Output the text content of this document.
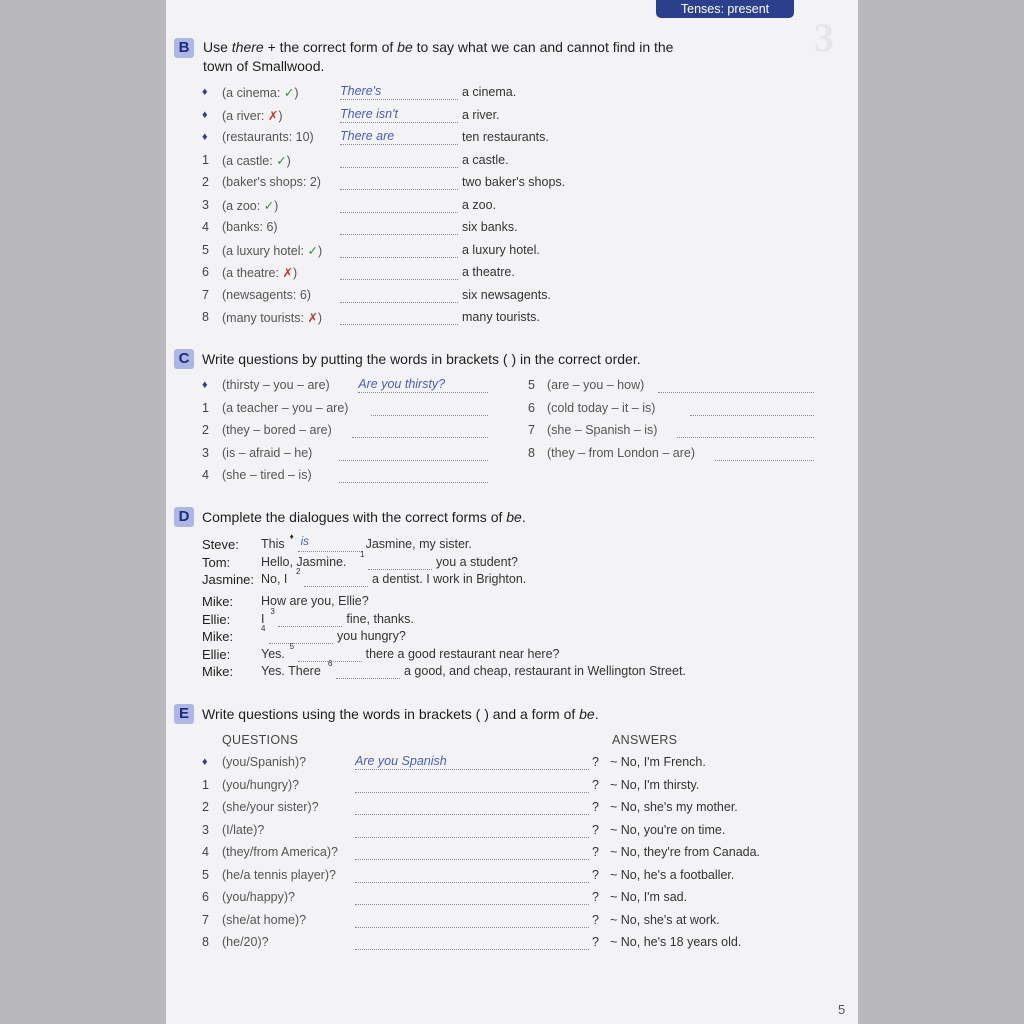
Tenses: present
3
B Use there + the correct form of be to say what we can and cannot find in the town of Smallwood.
♦ (a cinema: ✓)	There's	a cinema.
♦ (a river: ✗)	There isn't	a river.
♦ (restaurants: 10) There are	ten restaurants.
1 (a castle: ✓)	a castle.
2 (baker's shops: 2)	two baker's shops.
3 (a zoo: ✓)	a zoo.
4 (banks: 6)	six banks.
5 (a luxury hotel: ✓)	a luxury hotel.
6 (a theatre: ✗)	a theatre.
7 (newsagents: 6)	six newsagents.
8 (many tourists: ✗)	many tourists.
C Write questions by putting the words in brackets ( ) in the correct order.
♦ (thirsty – you – are) Are you thirsty?
1 (a teacher – you – are)
2 (they – bored – are)
3 (is – afraid – he)
4 (she – tired – is)
5 (are – you – how)
6 (cold today – it – is)
7 (she – Spanish – is)
8 (they – from London – are)
D Complete the dialogues with the correct forms of be.
Steve: This
♦ is	Jasmine, my sister.
Tom: Hello, Jasmine.
1
you a student?
Jasmine: No, I
2
a dentist. I work in Brighton.
Mike: How are you, Ellie?
Ellie: I
3
fine, thanks.
Mike:
4
you hungry?
Ellie: Yes.
5
there a good restaurant near here?
Mike: Yes. There
6
a good, and cheap, restaurant in Wellington Street.
E Write questions using the words in brackets ( ) and a form of be.
QUESTIONS	ANSWERS
♦ (you/Spanish)?	Are you Spanish	? ~ No, I'm French.
1 (you/hungry)?	? ~ No, I'm thirsty.
2 (she/your sister)?	? ~ No, she's my mother.
3 (I/late)?	? ~ No, you're on time.
4 (they/from America)?	? ~ No, they're from Canada.
5 (he/a tennis player)?	? ~ No, he's a footballer.
6 (you/happy)?	? ~ No, I'm sad.
7 (she/at home)?	? ~ No, she's at work.
8 (he/20)?	? ~ No, he's 18 years old.
5
